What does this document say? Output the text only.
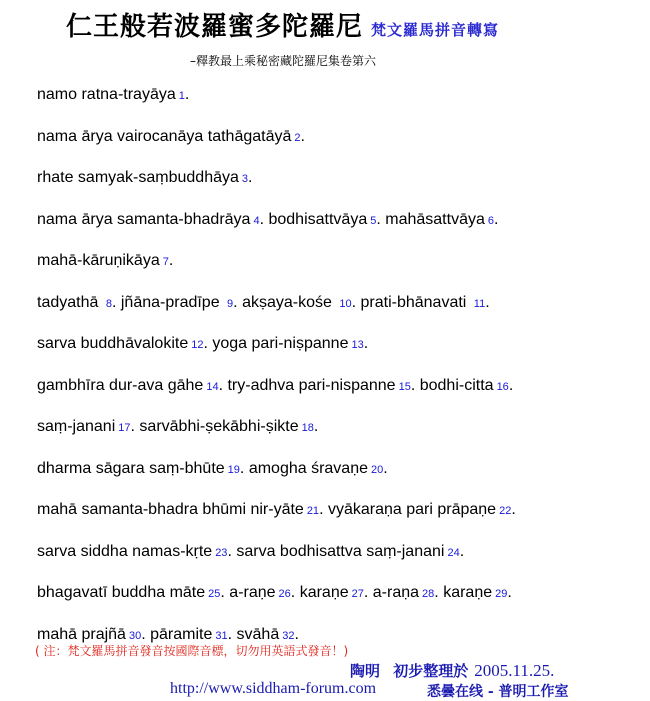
仁王般若波羅蜜多陀羅尼 梵文羅馬拼音轉寫
–釋教最上乘秘密藏陀羅尼集卷第六
namo ratna-trayāya 1.
nama ārya vairocanāya tathāgatāyā 2.
rhate samyak-saṃbuddhāya 3.
nama ārya samanta-bhadrāya 4. bodhisattvāya 5. mahāsattvāya 6.
mahā-kāruṇikāya 7.
tadyathā 8. jñāna-pradīpe 9. akṣaya-kośe 10. prati-bhānavati 11.
sarva buddhāvalokite 12. yoga pari-niṣpanne 13.
gambhīra dur-ava gāhe 14. try-adhva pari-nispanne 15. bodhi-citta 16.
saṃ-janani 17. sarvābhi-ṣekābhi-ṣikte 18.
dharma sāgara saṃ-bhūte 19. amogha śravaṇe 20.
mahā samanta-bhadra bhūmi nir-yāte 21. vyākaraṇa pari prāpaṇe 22.
sarva siddha namas-kṛte 23. sarva bodhisattva saṃ-janani 24.
bhagavatī buddha māte 25. a-raṇe 26. karaṇe 27. a-raṇa 28. karaṇe 29.
mahā prajñā 30. pāramite 31. svāhā 32.
( 注：梵文羅馬拼音發音按國際音標，切勿用英語式發音！)
陶明 初步整理於 2005.11.25.
http://www.siddham-forum.com	悉曇在线 - 普明工作室
